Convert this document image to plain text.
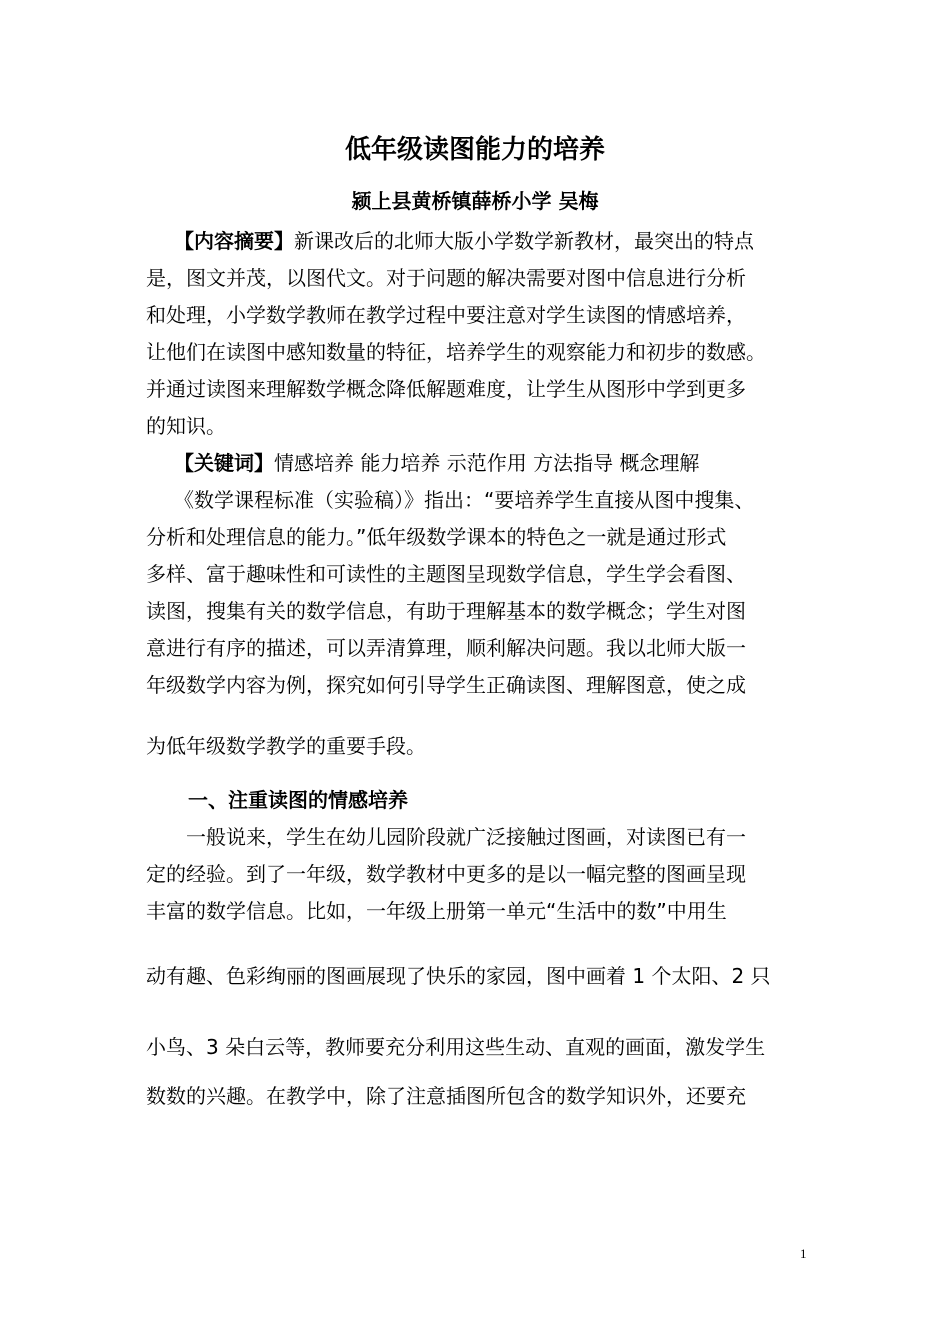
低年级读图能力的培养
颍上县黄桥镇薛桥小学 吴梅
【内容摘要】新课改后的北师大版小学数学新教材，最突出的特点
是，图文并茂，以图代文。对于问题的解决需要对图中信息进行分析
和处理，小学数学教师在教学过程中要注意对学生读图的情感培养，
让他们在读图中感知数量的特征，培养学生的观察能力和初步的数感。
并通过读图来理解数学概念降低解题难度，让学生从图形中学到更多
的知识。
【关键词】情感培养 能力培养 示范作用 方法指导 概念理解
《数学课程标准（实验稿）》指出：“要培养学生直接从图中搜集、
分析和处理信息的能力。”低年级数学课本的特色之一就是通过形式
多样、富于趣味性和可读性的主题图呈现数学信息，学生学会看图、
读图，搜集有关的数学信息，有助于理解基本的数学概念；学生对图
意进行有序的描述，可以弄清算理，顺利解决问题。我以北师大版一
年级数学内容为例，探究如何引导学生正确读图、理解图意，使之成
为低年级数学教学的重要手段。
一、注重读图的情感培养
一般说来，学生在幼儿园阶段就广泛接触过图画，对读图已有一
定的经验。到了一年级，数学教材中更多的是以一幅完整的图画呈现
丰富的数学信息。比如，一年级上册第一单元“生活中的数”中用生
动有趣、色彩绚丽的图画展现了快乐的家园，图中画着 1 个太阳、2 只
小鸟、3 朵白云等，教师要充分利用这些生动、直观的画面，激发学生
数数的兴趣。在教学中，除了注意插图所包含的数学知识外，还要充
1
